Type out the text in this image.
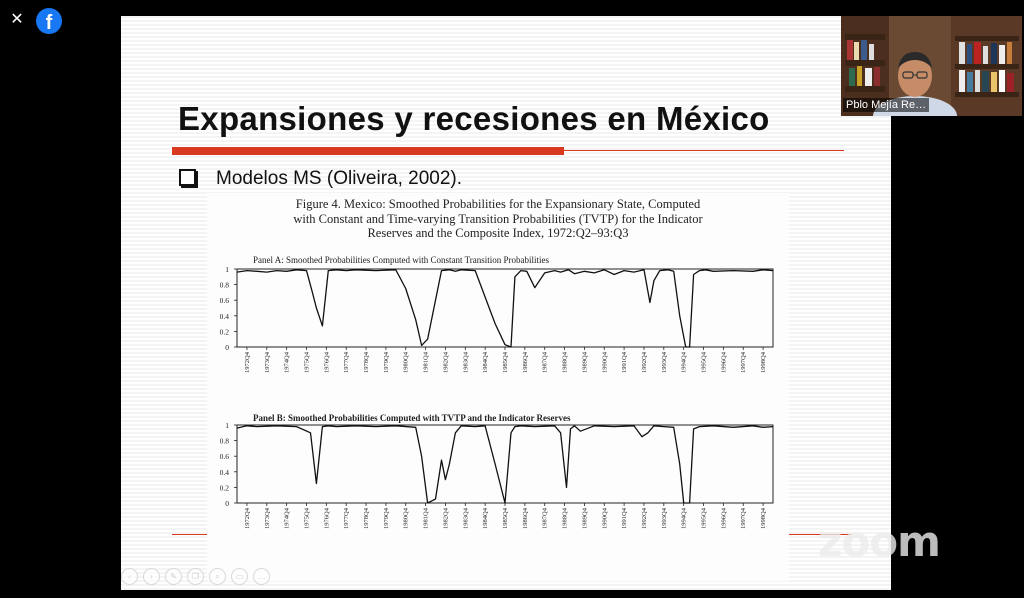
✕	f
Expansiones y recesiones en México
Modelos MS (Oliveira, 2002).
Figure 4. Mexico: Smoothed Probabilities for the Expansionary State, Computed
with Constant and Time-varying Transition Probabilities (TVTP) for the Indicator
Reserves and the Composite Index, 1972:Q2–93:Q3
Panel A: Smoothed Probabilities Computed with Constant Transition Probabilities
1
0.8
0.6
0.4
0.2
0
1972Q4 1973Q4 1974Q4 1975Q4 1976Q4 1977Q4 1978Q4 1979Q4 1980Q4 1981Q4 1982Q4 1983Q4 1984Q4 1985Q4 1986Q4 1987Q4 1988Q4 1989Q4 1990Q4 1991Q4 1992Q4 1993Q4 1994Q4 1995Q4 1996Q4 1997Q4 1998Q4
Panel B: Smoothed Probabilities Computed with TVTP and the Indicator Reserves
1
0.8
0.6
0.4
0.2
0
1972Q4 1973Q4 1974Q4 1975Q4 1976Q4 1977Q4 1978Q4 1979Q4 1980Q4 1981Q4 1982Q4 1983Q4 1984Q4 1985Q4 1986Q4 1987Q4 1988Q4 1989Q4 1990Q4 1991Q4 1992Q4 1993Q4 1994Q4 1995Q4 1996Q4 1997Q4 1998Q4
‹	›	✎	❐	⌕	▭	…
Pblo Mejía Re…
zoom
